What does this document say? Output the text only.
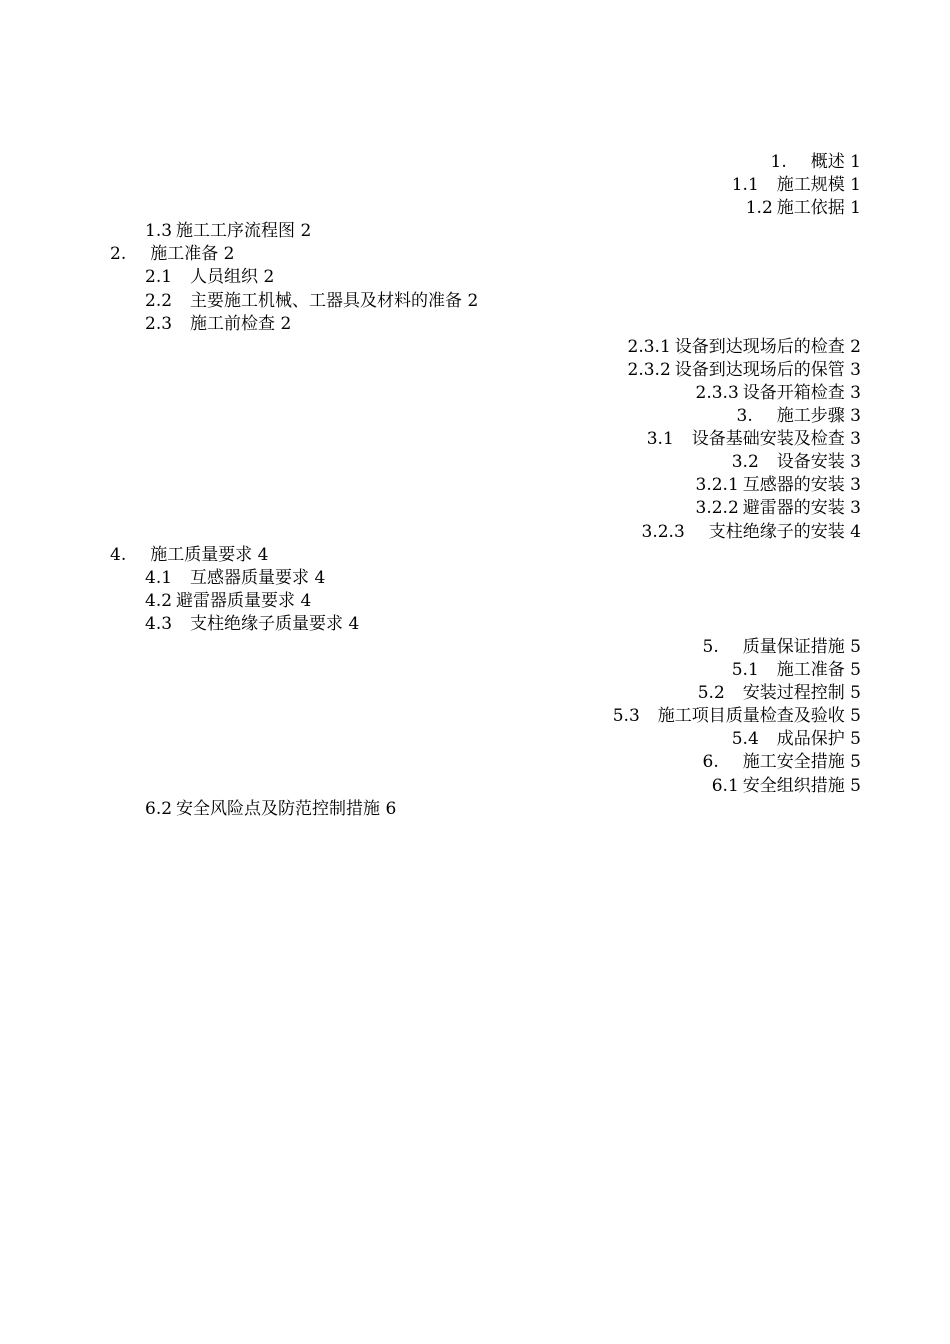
1. 概述 1
1.1 施工规模 1
1.2 施工依据 1
1.3 施工工序流程图 2
2. 施工准备 2
2.1 人员组织 2
2.2 主要施工机械、工器具及材料的准备 2
2.3 施工前检查 2
2.3.1 设备到达现场后的检查 2
2.3.2 设备到达现场后的保管 3
2.3.3 设备开箱检查 3
3. 施工步骤 3
3.1 设备基础安装及检查 3
3.2 设备安装 3
3.2.1 互感器的安装 3
3.2.2 避雷器的安装 3
3.2.3 支柱绝缘子的安装 4
4. 施工质量要求 4
4.1 互感器质量要求 4
4.2 避雷器质量要求 4
4.3 支柱绝缘子质量要求 4
5. 质量保证措施 5
5.1 施工准备 5
5.2 安装过程控制 5
5.3 施工项目质量检查及验收 5
5.4 成品保护 5
6. 施工安全措施 5
6.1 安全组织措施 5
6.2 安全风险点及防范控制措施 6
